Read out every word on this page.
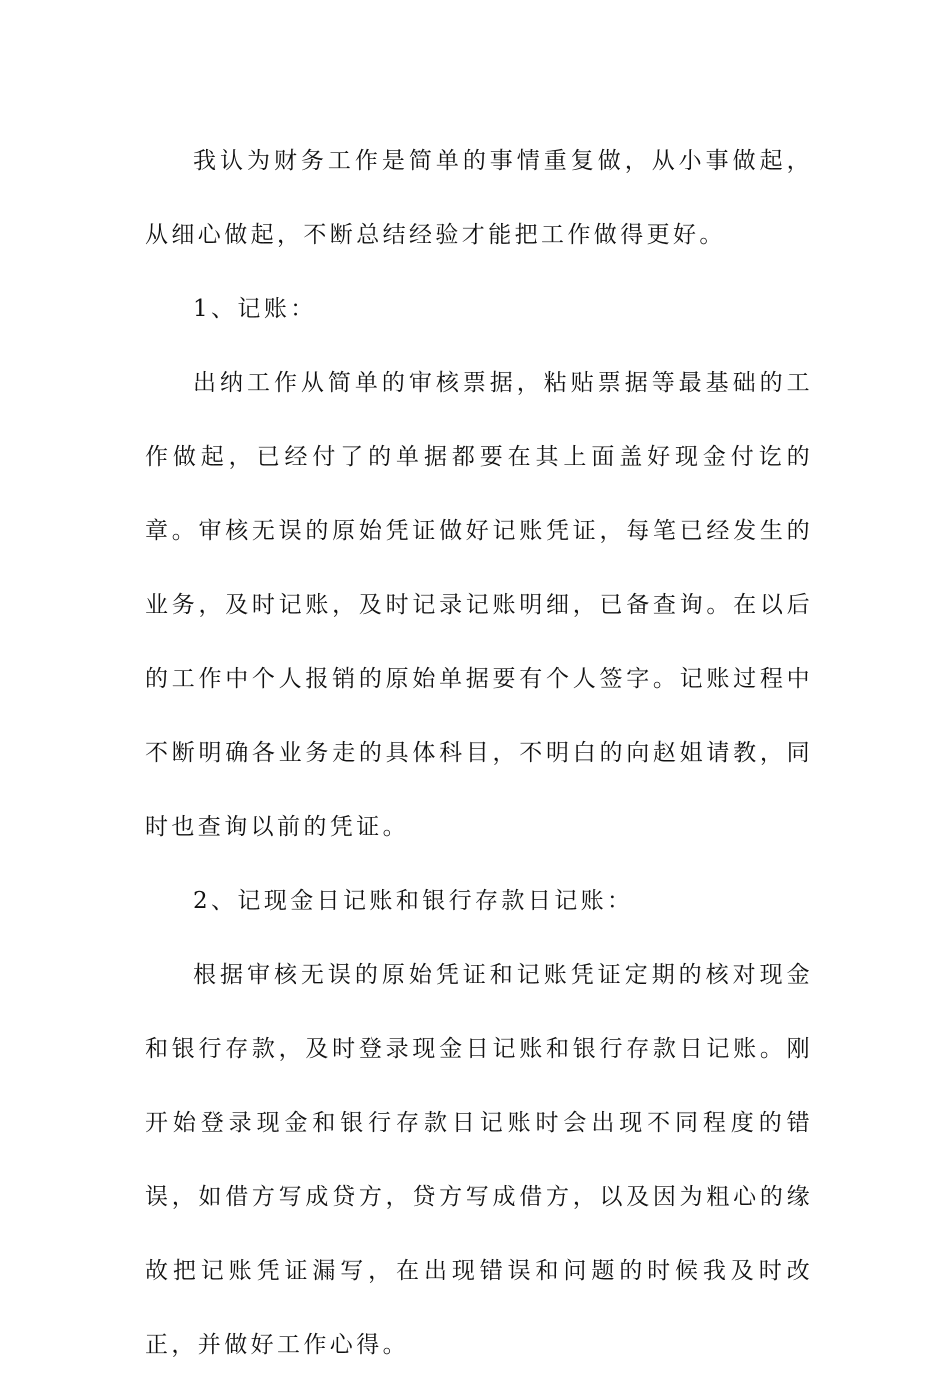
我认为财务工作是简单的事情重复做，从小事做起，从细心做起，不断总结经验才能把工作做得更好。

1、记账：

出纳工作从简单的审核票据，粘贴票据等最基础的工作做起，已经付了的单据都要在其上面盖好现金付讫的章。审核无误的原始凭证做好记账凭证，每笔已经发生的业务，及时记账，及时记录记账明细，已备查询。在以后的工作中个人报销的原始单据要有个人签字。记账过程中不断明确各业务走的具体科目，不明白的向赵姐请教，同时也查询以前的凭证。

2、记现金日记账和银行存款日记账：

根据审核无误的原始凭证和记账凭证定期的核对现金和银行存款，及时登录现金日记账和银行存款日记账。刚开始登录现金和银行存款日记账时会出现不同程度的错误，如借方写成贷方，贷方写成借方，以及因为粗心的缘故把记账凭证漏写，在出现错误和问题的时候我及时改正，并做好工作心得。
